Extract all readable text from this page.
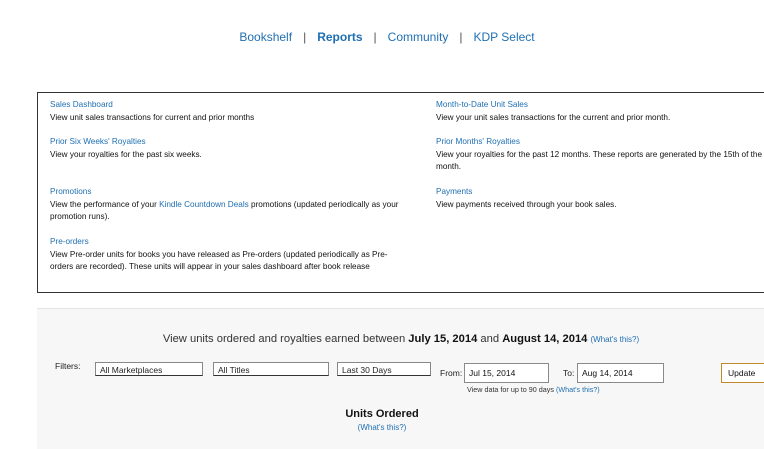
Bookshelf | Reports | Community | KDP Select
Sales Dashboard
View unit sales transactions for current and prior months
Prior Six Weeks' Royalties
View your royalties for the past six weeks.
Promotions
View the performance of your Kindle Countdown Deals promotions (updated periodically as your promotion runs).
Pre-orders
View Pre-order units for books you have released as Pre-orders (updated periodically as Pre-orders are recorded). These units will appear in your sales dashboard after book release
Month-to-Date Unit Sales
View your unit sales transactions for the current and prior month.
Prior Months' Royalties
View your royalties for the past 12 months. These reports are generated by the 15th of the month.
Payments
View payments received through your book sales.
View units ordered and royalties earned between July 15, 2014 and August 14, 2014 (What's this?)
Filters:	All Marketplaces	All Titles	Last 30 Days	From: Jul 15, 2014	To: Aug 14, 2014
View data for up to 90 days (What's this?)
Update
Units Ordered
(What's this?)
